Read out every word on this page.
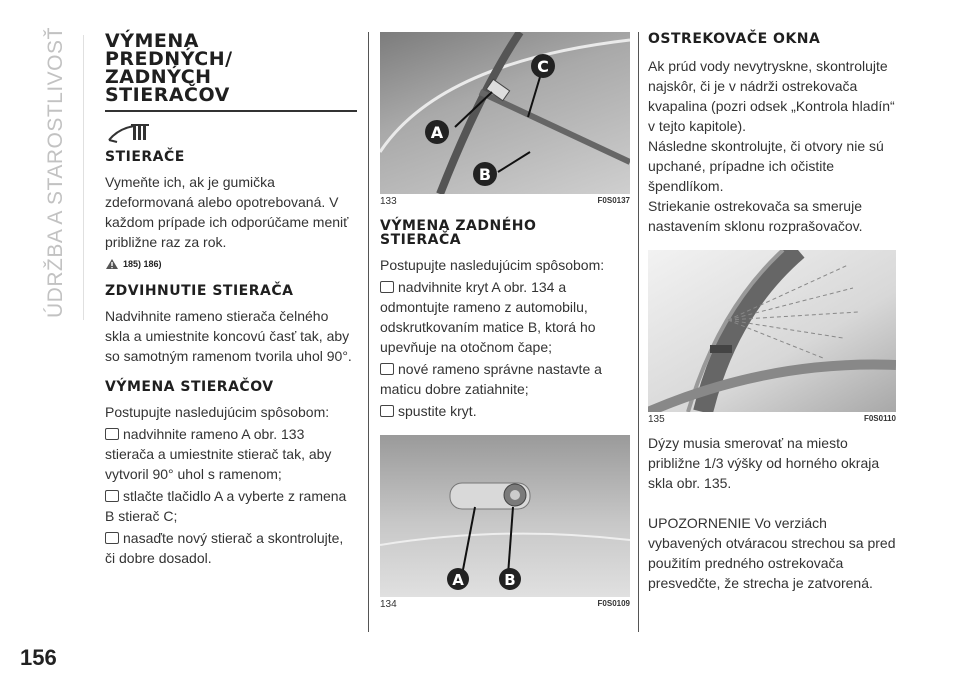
ÚDRŽBA A STAROSTLIVOSŤ
156
VÝMENA PREDNÝCH/ ZADNÝCH STIERAČOV
STIERAČE

Vymeňte ich, ak je gumička zdeformovaná alebo opotrebovaná. V každom prípade ich odporúčame meniť približne raz za rok.

185) 186)
ZDVIHNUTIE STIERAČA

Nadvihnite rameno stierača čelného skla a umiestnite koncovú časť tak, aby so samotným ramenom tvorila uhol 90°.

VÝMENA STIERAČOV

Postupujte nasledujúcim spôsobom:

nadvihnite rameno A obr. 133 stierača a umiestnite stierač tak, aby vytvoril 90° uhol s ramenom;

stlačte tlačidlo A a vyberte z ramena B stierač C;

nasaďte nový stierač a skontrolujte, či dobre dosadol.

A
B
C
133	F0S0137
VÝMENA ZADNÉHO STIERAČA

Postupujte nasledujúcim spôsobom:

nadvihnite kryt A obr. 134 a odmontujte rameno z automobilu, odskrutkovaním matice B, ktorá ho upevňuje na otočnom čape;

nové rameno správne nastavte a maticu dobre zatiahnite;

spustite kryt.

A	B
134	F0S0109
OSTREKOVAČE OKNA

Ak prúd vody nevytryskne, skontrolujte najskôr, či je v nádrži ostrekovača kvapalina (pozri odsek „Kontrola hladín“ v tejto kapitole).

Následne skontrolujte, či otvory nie sú upchané, prípadne ich očistite špendlíkom.

Striekanie ostrekovača sa smeruje nastavením sklonu rozprašovačov.

135	F0S0110

Dýzy musia smerovať na miesto približne 1/3 výšky od horného okraja skla obr. 135.

UPOZORNENIE Vo verziách vybavených otváracou strechou sa pred použitím predného ostrekovača presvedčte, že strecha je zatvorená.
